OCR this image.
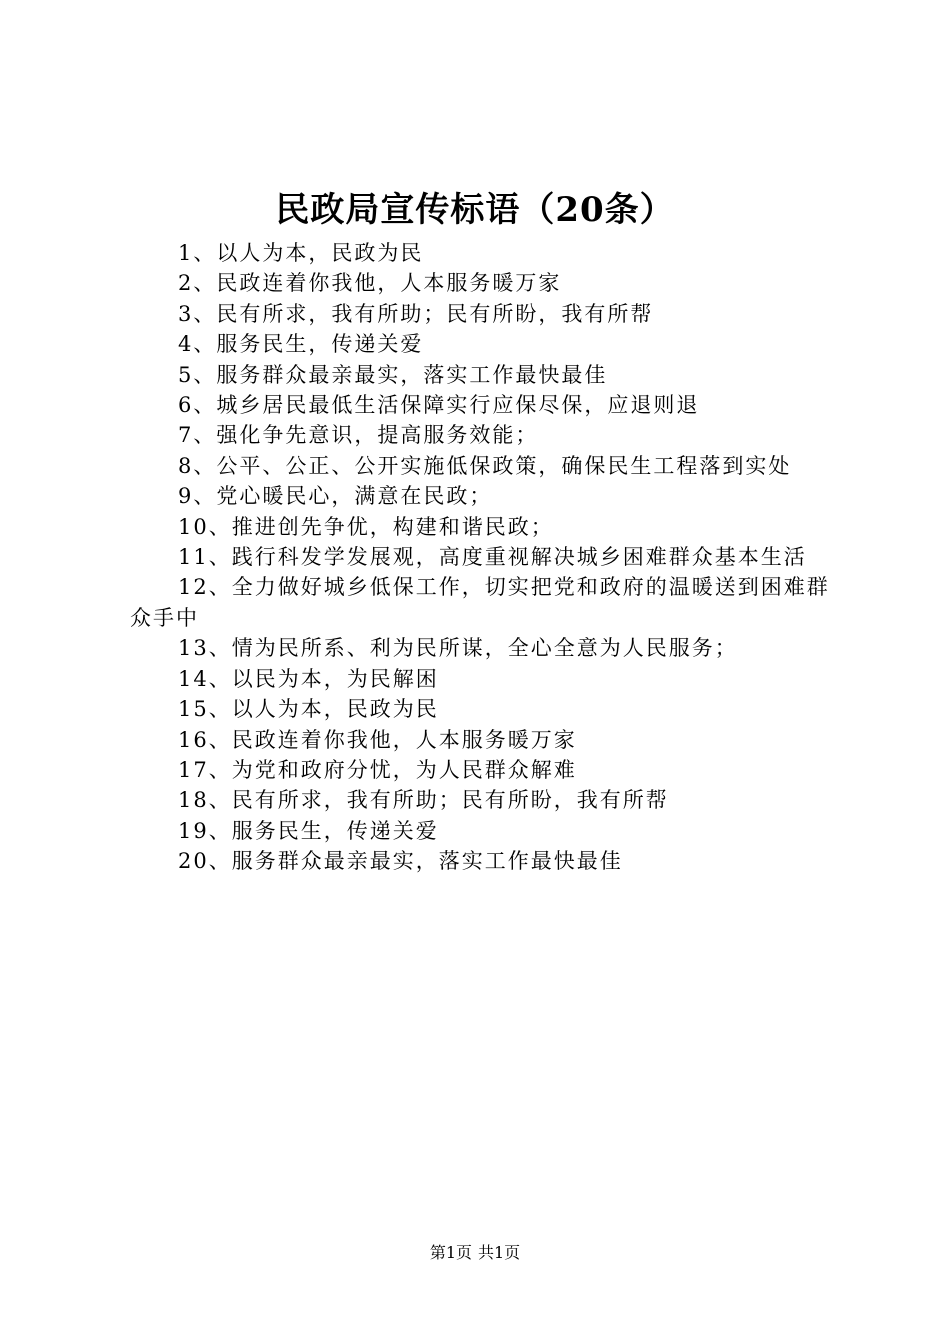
民政局宣传标语（20条）

1、以人为本，民政为民

2、民政连着你我他，人本服务暖万家

3、民有所求，我有所助；民有所盼，我有所帮

4、服务民生，传递关爱

5、服务群众最亲最实，落实工作最快最佳

6、城乡居民最低生活保障实行应保尽保，应退则退

7、强化争先意识，提高服务效能；

8、公平、公正、公开实施低保政策，确保民生工程落到实处

9、党心暖民心，满意在民政；

10、推进创先争优，构建和谐民政；

11、践行科发学发展观，高度重视解决城乡困难群众基本生活

12、全力做好城乡低保工作，切实把党和政府的温暖送到困难群众手中

13、情为民所系、利为民所谋，全心全意为人民服务；

14、以民为本，为民解困

15、以人为本，民政为民

16、民政连着你我他，人本服务暖万家

17、为党和政府分忧，为人民群众解难

18、民有所求，我有所助；民有所盼，我有所帮

19、服务民生，传递关爱

20、服务群众最亲最实，落实工作最快最佳

第1页 共1页
